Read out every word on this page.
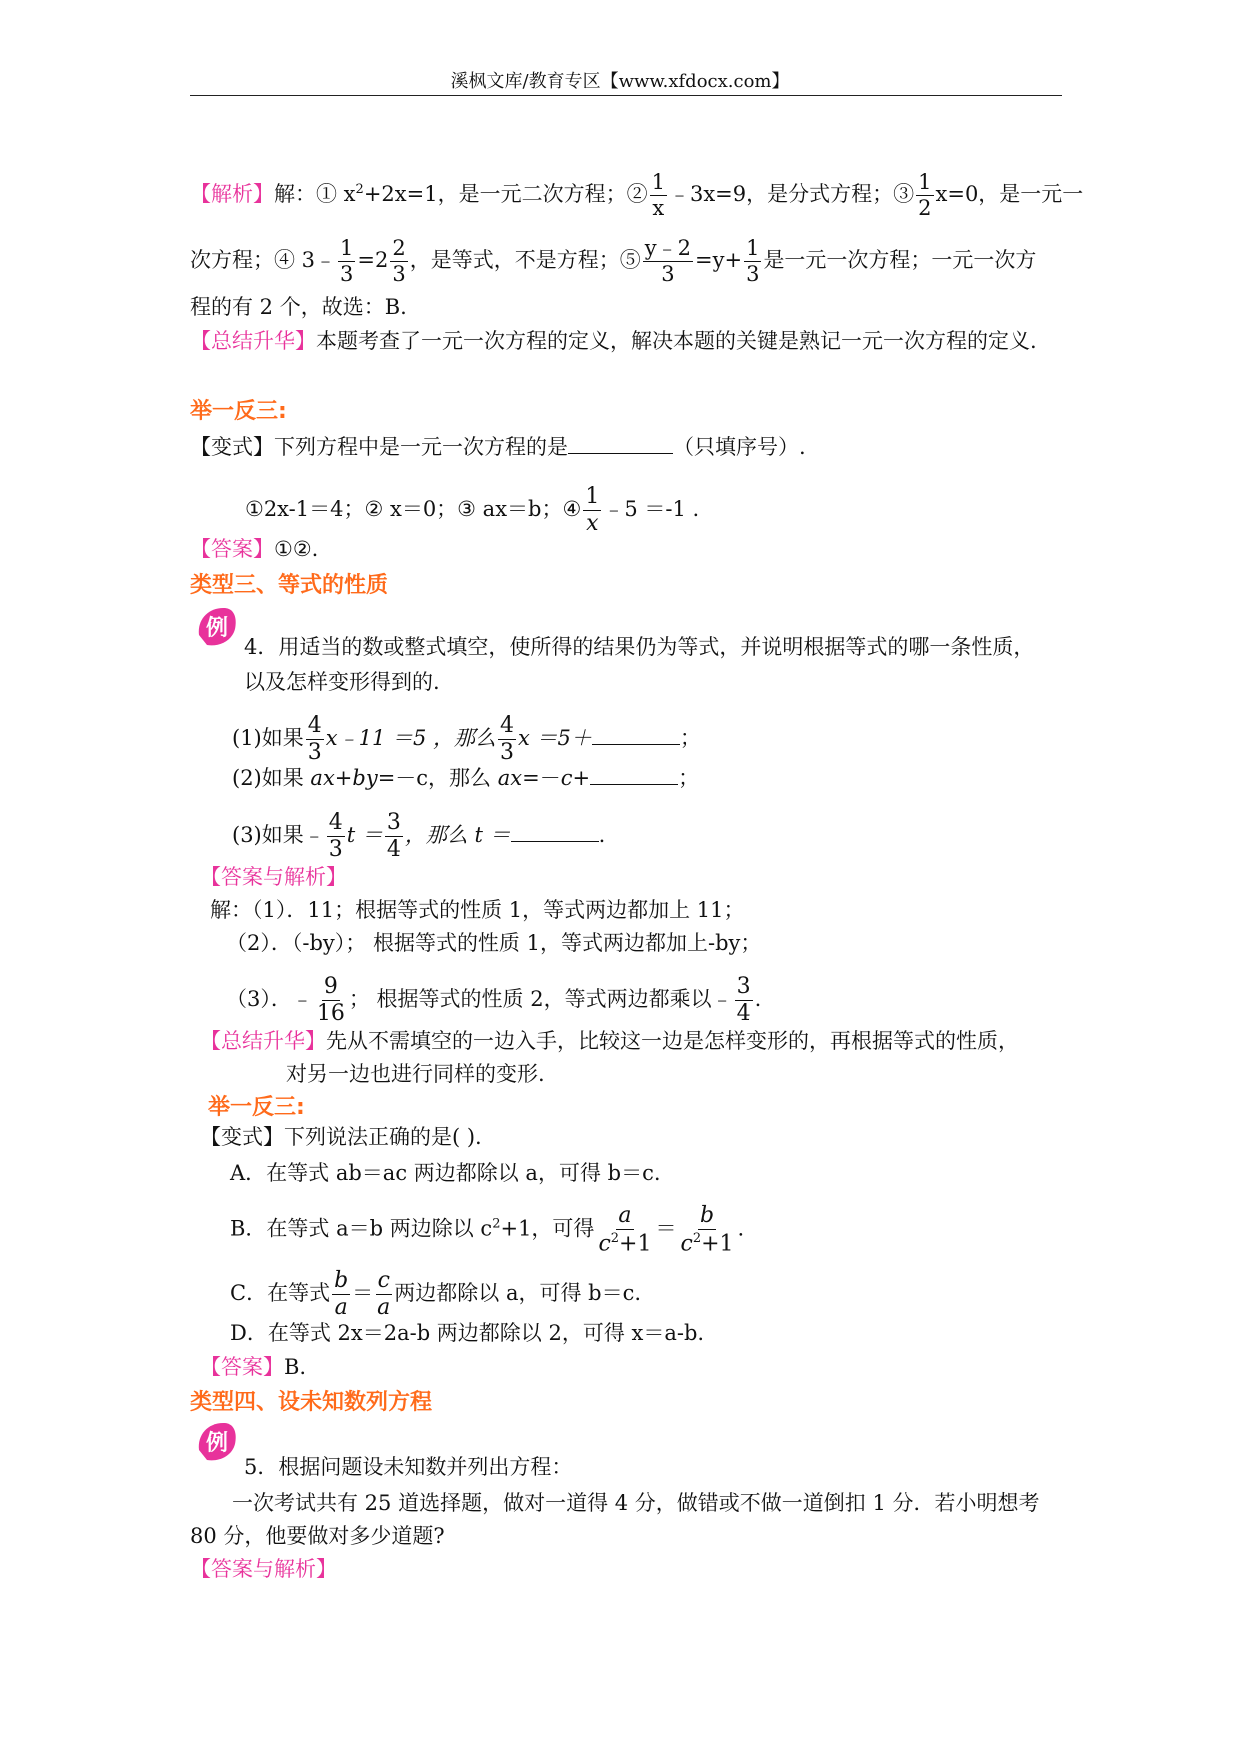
溪枫文库/教育专区【www.xfdocx.com】
【解析】解：① $x^2+2x=1$，是一元二次方程；② $\frac{1}{x}$ ﹣3x=9，是分式方程；③ $\frac{1}{2} x=0$，是一元一
次方程；④ 3﹣ $\frac{1}{3} =2 \frac{2}{3}$ ，是等式，不是方程；⑤ $\frac{y﹣2}{3} =y+ \frac{1}{3}$ 是一元一次方程；一元一次方
程的有 2 个，故选：B.
【总结升华】本题考查了一元一次方程的定义，解决本题的关键是熟记一元一次方程的定义.
举一反三:
【变式】下列方程中是一元一次方程的是	（只填序号）.
①2x-1＝4；② x＝0；③ ax＝b；④ $\frac{1}{x}$ ﹣5 ＝-1 .
【答案】①②.
类型三、等式的性质
例
4．用适当的数或整式填空，使所得的结果仍为等式，并说明根据等式的哪一条性质，
以及怎样变形得到的.
(1)如果 $\frac{4}{3}$ x﹣11 ＝5 ，那么 $\frac{4}{3}$ x ＝5＋	；
(2)如果 ax+by=－c，那么 ax=－c+	；
(3)如果﹣ $\frac{4}{3}$ $t = \frac{3}{4}$ ，那么 t ＝	.
【答案与解析】
解：（1）．11；根据等式的性质 1，等式两边都加上 11；
（2）．（-by）； 根据等式的性质 1，等式两边都加上-by；
（3）．﹣ $\frac{9}{16}$ ； 根据等式的性质 2，等式两边都乘以﹣ $\frac{3}{4}$ .
【总结升华】先从不需填空的一边入手，比较这一边是怎样变形的，再根据等式的性质，
对另一边也进行同样的变形.
举一反三:
【变式】下列说法正确的是( ).
A．在等式 ab＝ac 两边都除以 a，可得 b＝c.
B．在等式 a＝b 两边除以 $c^2+1$，可得 $\frac{a}{c^2+1} = \frac{b}{c^2+1}$ .
C．在等式 $\frac{b}{a} = \frac{c}{a}$ 两边都除以 a，可得 b＝c.
D．在等式 2x＝2a-b 两边都除以 2，可得 x＝a-b.
【答案】B.
类型四、设未知数列方程
例
5．根据问题设未知数并列出方程：
一次考试共有 25 道选择题，做对一道得 4 分，做错或不做一道倒扣 1 分．若小明想考
80 分，他要做对多少道题?
【答案与解析】
